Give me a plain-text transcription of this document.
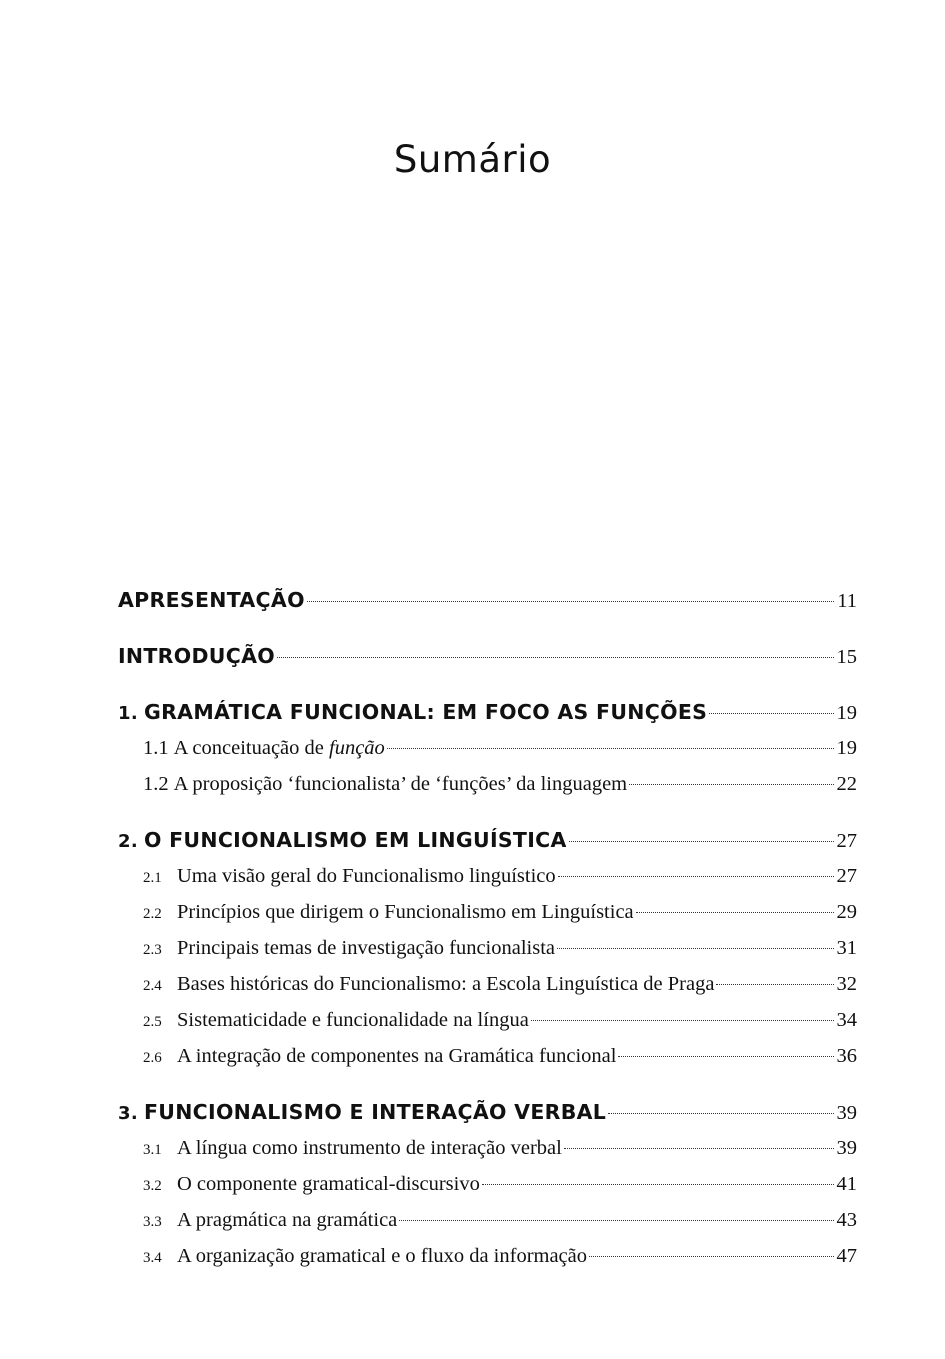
Sumário
APRESENTAÇÃO	11
INTRODUÇÃO	15
1. GRAMÁTICA FUNCIONAL: EM FOCO AS FUNÇÕES	19
1.1 A conceituação de função	19
1.2 A proposição ‘funcionalista’ de ‘funções’ da linguagem	22
2. O FUNCIONALISMO EM LINGUÍSTICA	27
2.1 Uma visão geral do Funcionalismo linguístico	27
2.2 Princípios que dirigem o Funcionalismo em Linguística	29
2.3 Principais temas de investigação funcionalista	31
2.4 Bases históricas do Funcionalismo: a Escola Linguística de Praga	32
2.5 Sistematicidade e funcionalidade na língua	34
2.6 A integração de componentes na Gramática funcional	36
3. FUNCIONALISMO E INTERAÇÃO VERBAL	39
3.1 A língua como instrumento de interação verbal	39
3.2 O componente gramatical-discursivo	41
3.3 A pragmática na gramática	43
3.4 A organização gramatical e o fluxo da informação	47
